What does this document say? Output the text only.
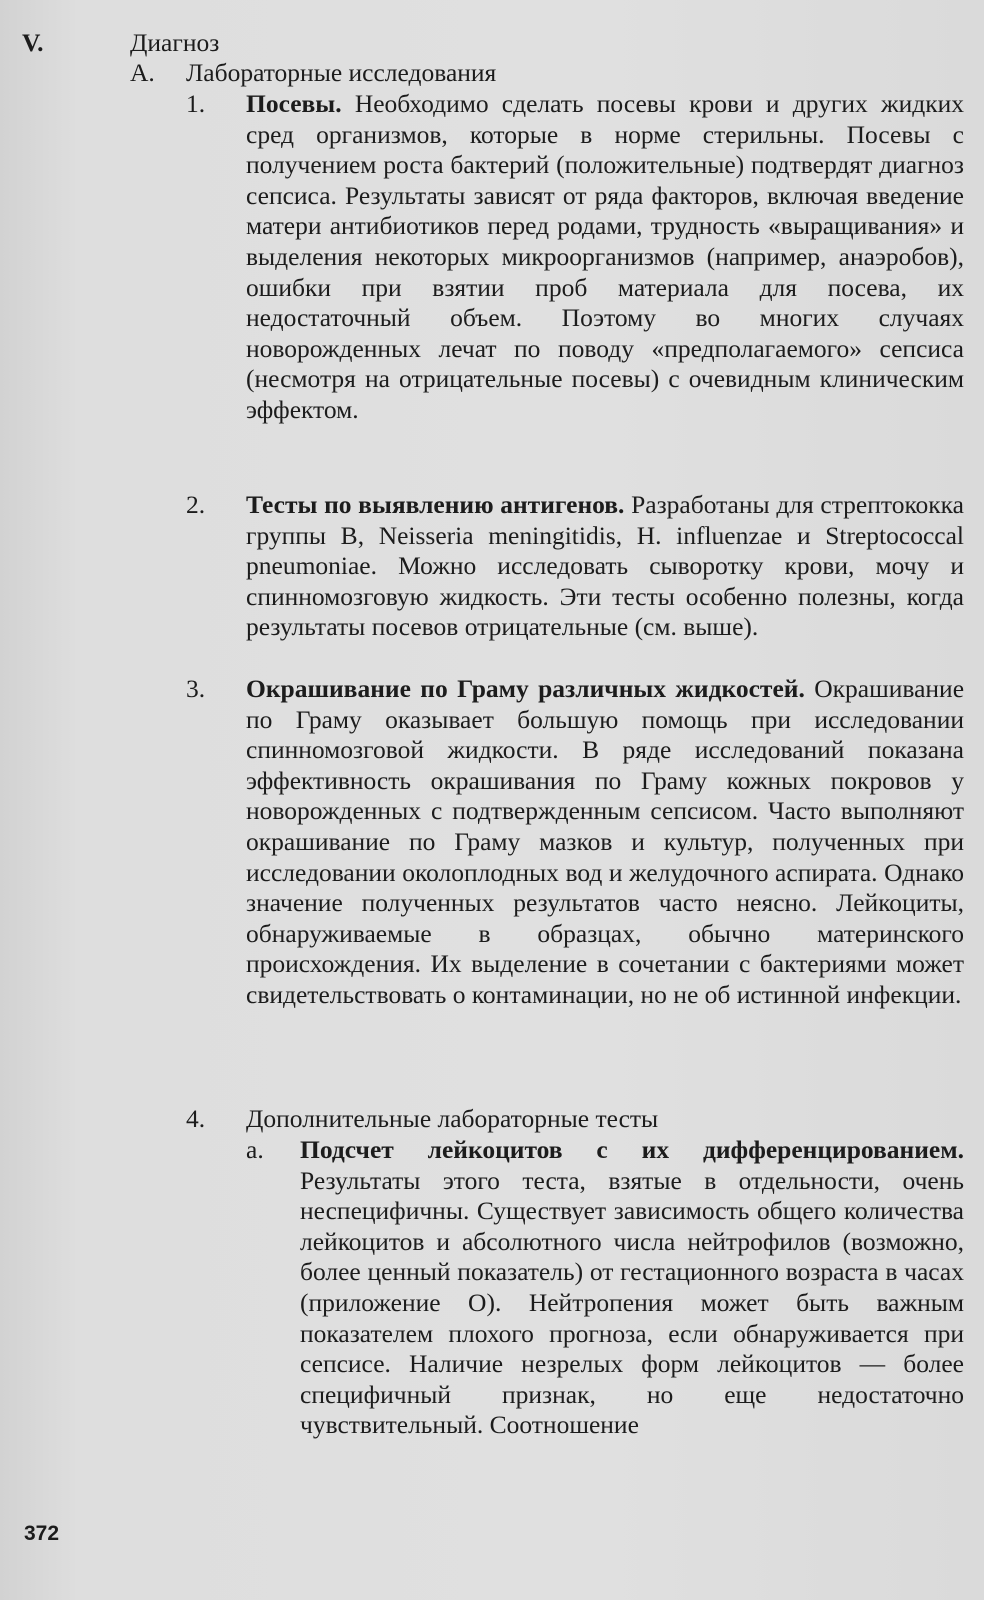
V.	Диагноз
A. Лабораторные исследования
1. Посевы. Необходимо сделать посевы крови и других жидких сред организмов, которые в норме стерильны. Посевы с получением роста бактерий (положительные) подтвердят диагноз сепсиса. Результаты зависят от ряда факторов, включая введение матери антибиотиков перед родами, трудность «выращивания» и выделения некоторых микроорганизмов (например, анаэробов), ошибки при взятии проб материала для посева, их недостаточный объем. Поэтому во многих случаях новорожденных лечат по поводу «предполагаемого» сепсиса (несмотря на отрицательные посевы) с очевидным клиническим эффектом.
2. Тесты по выявлению антигенов. Разработаны для стрептококка группы В, Neisseria meningitidis, H. influenzae и Streptococcal pneumoniae. Можно исследовать сыворотку крови, мочу и спинномозговую жидкость. Эти тесты особенно полезны, когда результаты посевов отрицательные (см. выше).
3. Окрашивание по Граму различных жидкостей. Окрашивание по Граму оказывает большую помощь при исследовании спинномозговой жидкости. В ряде исследований показана эффективность окрашивания по Граму кожных покровов у новорожденных с подтвержденным сепсисом. Часто выполняют окрашивание по Граму мазков и культур, полученных при исследовании околоплодных вод и желудочного аспирата. Однако значение полученных результатов часто неясно. Лейкоциты, обнаруживаемые в образцах, обычно материнского происхождения. Их выделение в сочетании с бактериями может свидетельствовать о контаминации, но не об истинной инфекции.
4. Дополнительные лабораторные тесты
a. Подсчет лейкоцитов с их дифференцированием. Результаты этого теста, взятые в отдельности, очень неспецифичны. Существует зависимость общего количества лейкоцитов и абсолютного числа нейтрофилов (возможно, более ценный показатель) от гестационного возраста в часах (приложение О). Нейтропения может быть важным показателем плохого прогноза, если обнаруживается при сепсисе. Наличие незрелых форм лейкоцитов — более специфичный признак, но еще недостаточно чувствительный. Соотношение
372
